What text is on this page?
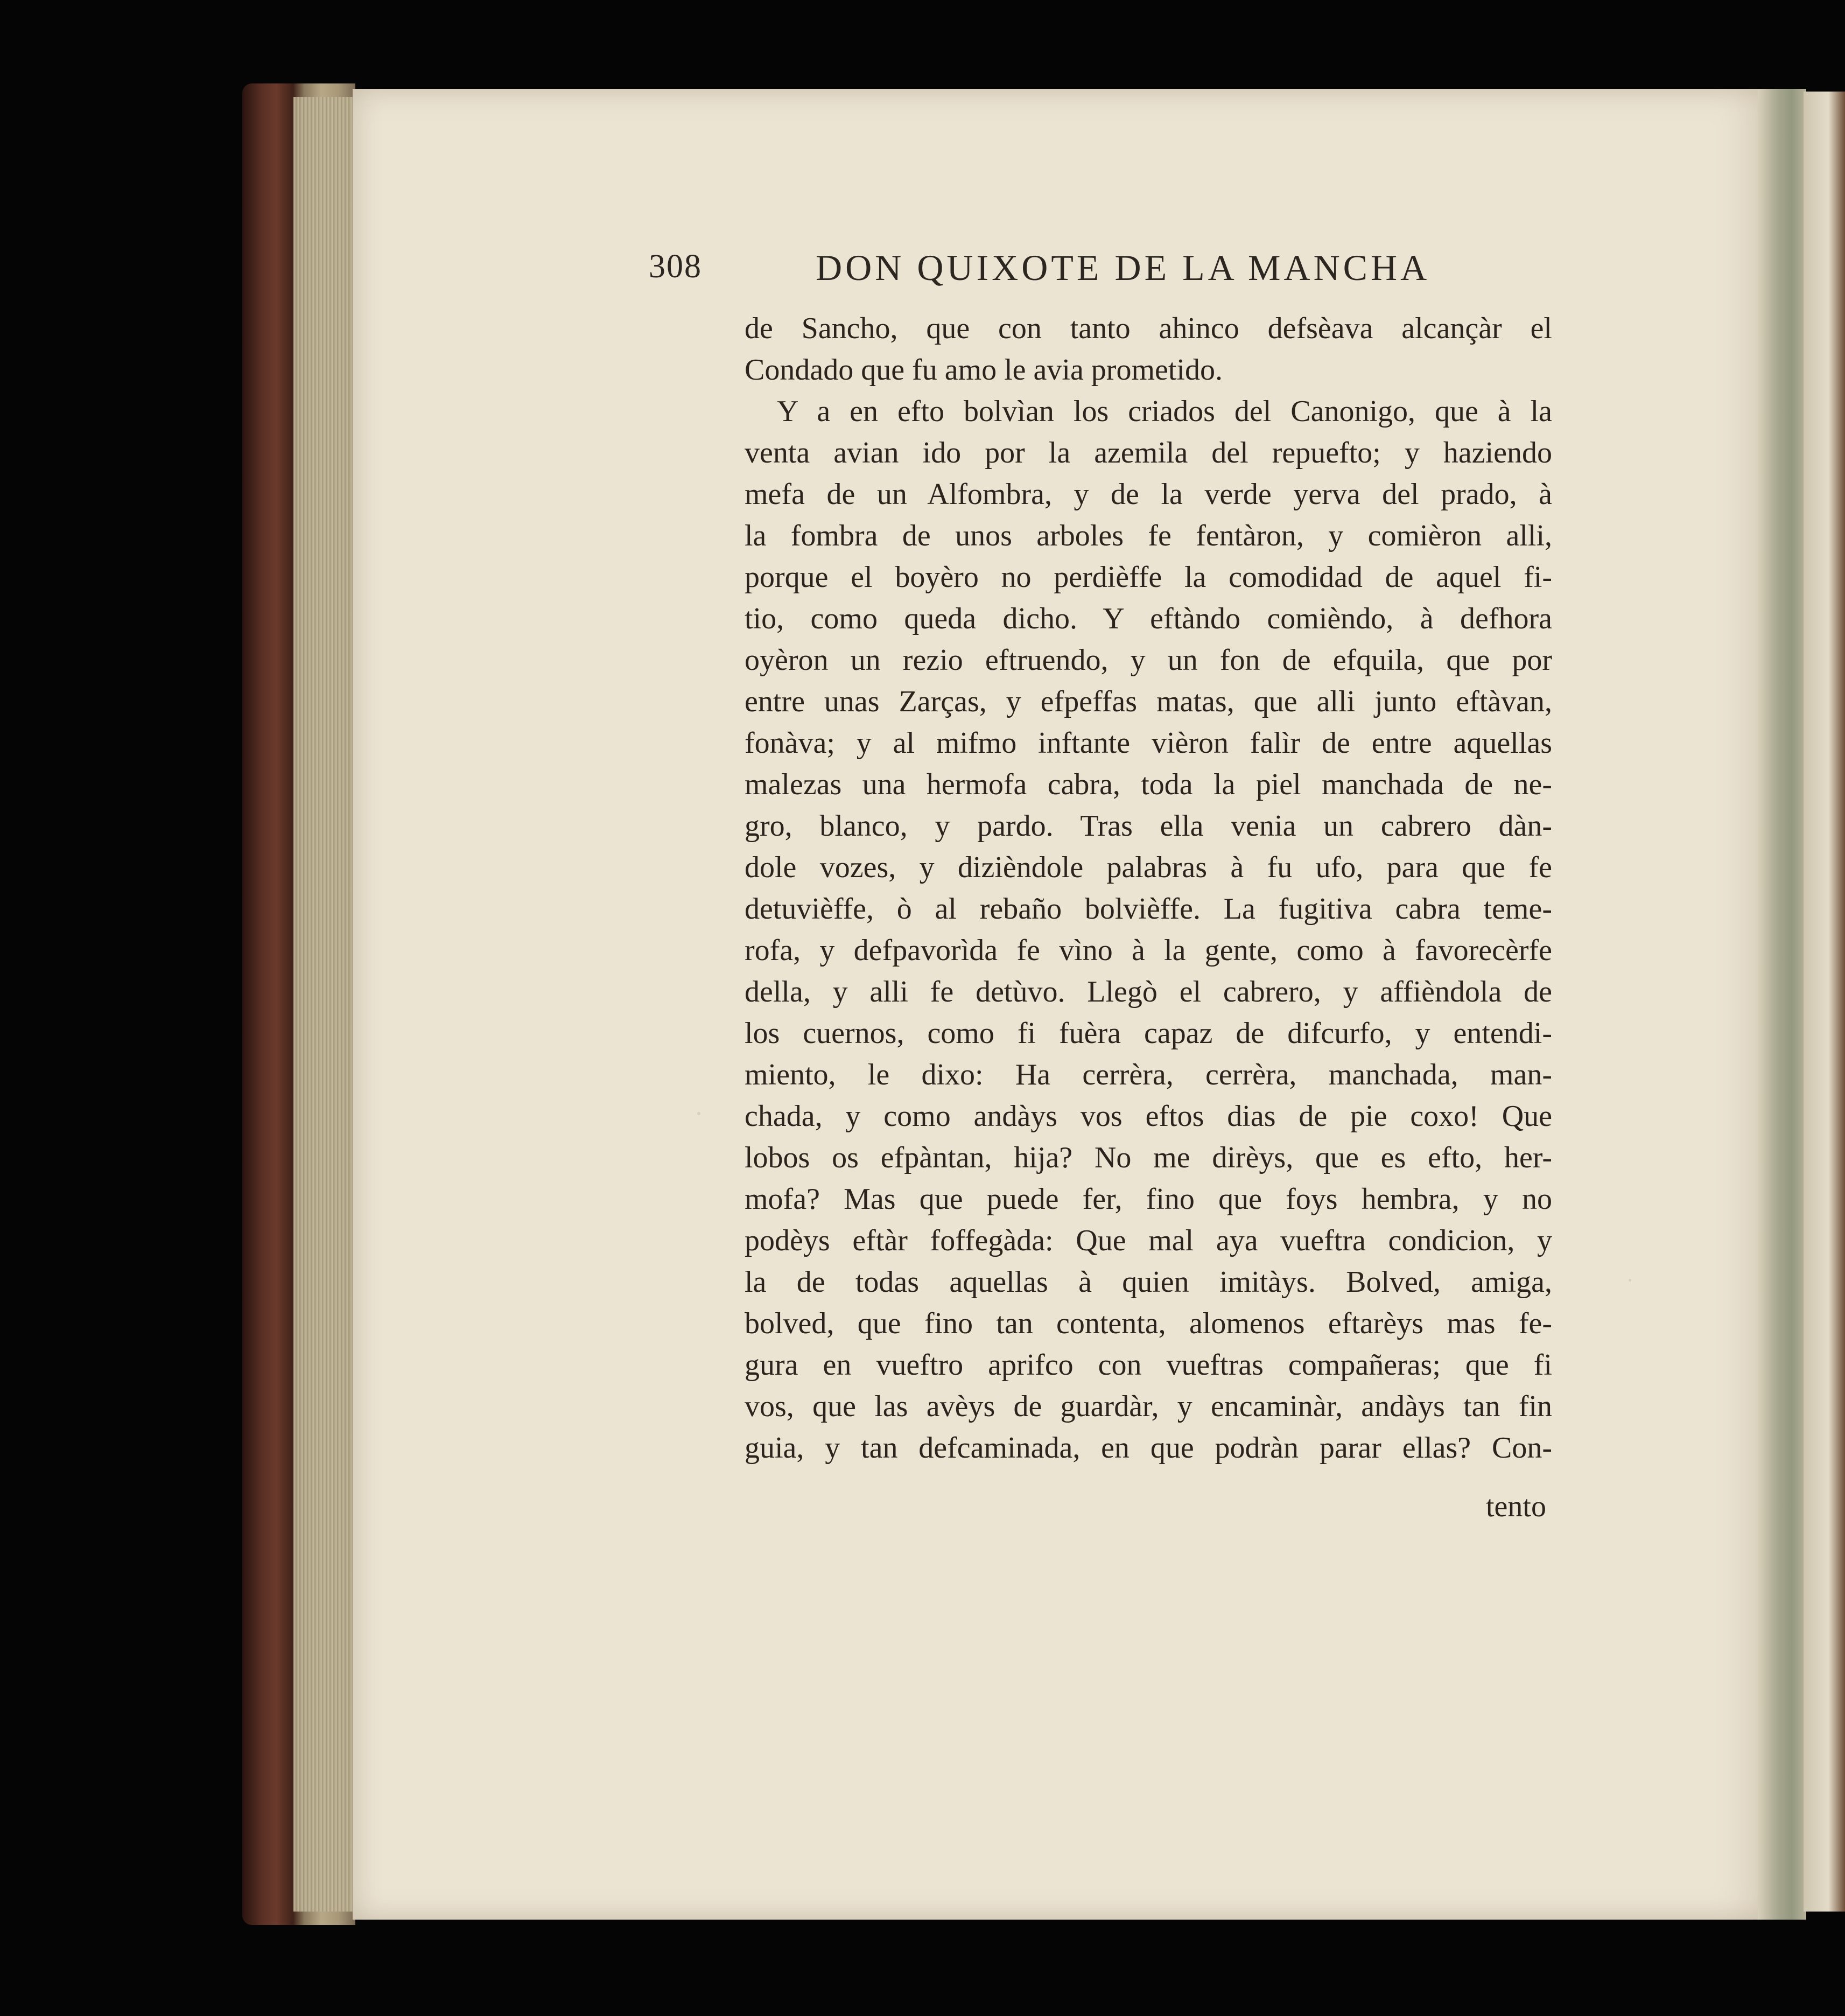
308	DON QUIXOTE DE LA MANCHA
de Sancho, que con tanto ahinco defsèava alcançàr el
Condado que fu amo le avia prometido.
Y a en efto bolvìan los criados del Canonigo, que à la
venta avian ido por la azemila del repuefto; y haziendo
mefa de un Alfombra, y de la verde yerva del prado, à
la fombra de unos arboles fe fentàron, y comièron alli,
porque el boyèro no perdièffe la comodidad de aquel fi-
tio, como queda dicho. Y eftàndo comièndo, à defhora
oyèron un rezio eftruendo, y un fon de efquila, que por
entre unas Zarças, y efpeffas matas, que alli junto eftàvan,
fonàva; y al mifmo inftante vièron falìr de entre aquellas
malezas una hermofa cabra, toda la piel manchada de ne-
gro, blanco, y pardo. Tras ella venia un cabrero dàn-
dole vozes, y dizièndole palabras à fu ufo, para que fe
detuvièffe, ò al rebaño bolvièffe. La fugitiva cabra teme-
rofa, y defpavorìda fe vìno à la gente, como à favorecèrfe
della, y alli fe detùvo. Llegò el cabrero, y affièndola de
los cuernos, como fi fuèra capaz de difcurfo, y entendi-
miento, le dixo: Ha cerrèra, cerrèra, manchada, man-
chada, y como andàys vos eftos dias de pie coxo! Que
lobos os efpàntan, hija? No me dirèys, que es efto, her-
mofa? Mas que puede fer, fino que foys hembra, y no
podèys eftàr foffegàda: Que mal aya vueftra condicion, y
la de todas aquellas à quien imitàys. Bolved, amiga,
bolved, que fino tan contenta, alomenos eftarèys mas fe-
gura en vueftro aprifco con vueftras compañeras; que fi
vos, que las avèys de guardàr, y encaminàr, andàys tan fin
guia, y tan defcaminada, en que podràn parar ellas? Con-
tento
